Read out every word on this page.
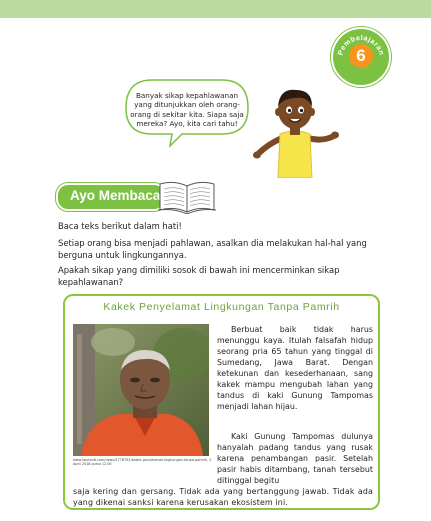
Pembelajaran
6
Banyak sikap kepahlawanan yang ditunjukkan oleh orang-orang di sekitar kita. Siapa saja mereka? Ayo, kita cari tahu!
Ayo Membaca
Baca teks berikut dalam hati!
Setiap orang bisa menjadi pahlawan, asalkan dia melakukan hal-hal yang berguna untuk lingkungannya.
Apakah sikap yang dimiliki sosok di bawah ini mencerminkan sikap kepahlawanan?
Kakek Penyelamat Lingkungan Tanpa Pamrih
www.liputan6.com/news/2778792/kakek-penyelamat-lingkungan-tanpa-pamrih, 2 April 2018 pukul 12.00
Berbuat baik tidak harus menunggu kaya. Itulah falsafah hidup seorang pria 65 tahun yang tinggal di Sumedang, Jawa Barat. Dengan ketekunan dan kesederhanaan, sang kakek mampu mengubah lahan yang tandus di kaki Gunung Tampomas menjadi lahan hijau.
Kaki Gunung Tampomas dulunya hanyalah padang tandus yang rusak karena penambangan pasir. Setelah pasir habis ditambang, tanah tersebut ditinggal begitu
saja kering dan gersang. Tidak ada yang bertanggung jawab. Tidak ada yang dikenai sanksi karena kerusakan ekosistem ini.
